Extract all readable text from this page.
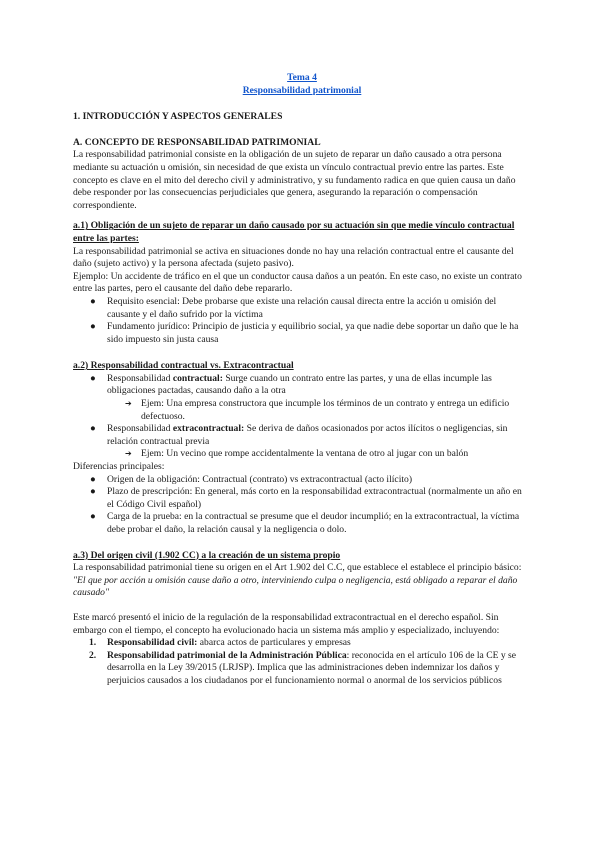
Tema 4
Responsabilidad patrimonial
1. INTRODUCCIÓN Y ASPECTOS GENERALES
A. CONCEPTO DE RESPONSABILIDAD PATRIMONIAL

La responsabilidad patrimonial consiste en la obligación de un sujeto de reparar un daño causado a otra persona mediante su actuación u omisión, sin necesidad de que exista un vínculo contractual previo entre las partes. Este concepto es clave en el mito del derecho civil y administrativo, y su fundamento radica en que quien causa un daño debe responder por las consecuencias perjudiciales que genera, asegurando la reparación o compensación correspondiente.

a.1) Obligación de un sujeto de reparar un daño causado por su actuación sin que medie vínculo contractual entre las partes:

La responsabilidad patrimonial se activa en situaciones donde no hay una relación contractual entre el causante del daño (sujeto activo) y la persona afectada (sujeto pasivo).

Ejemplo: Un accidente de tráfico en el que un conductor causa daños a un peatón. En este caso, no existe un contrato entre las partes, pero el causante del daño debe repararlo.

● Requisito esencial: Debe probarse que existe una relación causal directa entre la acción u omisión del causante y el daño sufrido por la víctima
● Fundamento jurídico: Principio de justicia y equilibrio social, ya que nadie debe soportar un daño que le ha sido impuesto sin justa causa
a.2) Responsabilidad contractual vs. Extracontractual
● Responsabilidad contractual: Surge cuando un contrato entre las partes, y una de ellas incumple las obligaciones pactadas, causando daño a la otra
➔ Ejem: Una empresa constructora que incumple los términos de un contrato y entrega un edificio defectuoso.
● Responsabilidad extracontractual: Se deriva de daños ocasionados por actos ilícitos o negligencias, sin relación contractual previa
➔ Ejem: Un vecino que rompe accidentalmente la ventana de otro al jugar con un balón

Diferencias principales:

● Origen de la obligación: Contractual (contrato) vs extracontractual (acto ilícito)
● Plazo de prescripción: En general, más corto en la responsabilidad extracontractual (normalmente un año en el Código Civil español)
● Carga de la prueba: en la contractual se presume que el deudor incumplió; en la extracontractual, la víctima debe probar el daño, la relación causal y la negligencia o dolo.
a.3) Del origen civil (1.902 CC) a la creación de un sistema propio

La responsabilidad patrimonial tiene su origen en el Art 1.902 del C.C, que establece el establece el principio básico:

"El que por acción u omisión cause daño a otro, interviniendo culpa o negligencia, está obligado a reparar el daño causado"

Este marcó presentó el inicio de la regulación de la responsabilidad extracontractual en el derecho español. Sin embargo con el tiempo, el concepto ha evolucionado hacia un sistema más amplio y especializado, incluyendo:

1. Responsabilidad civil: abarca actos de particulares y empresas
2. Responsabilidad patrimonial de la Administración Pública: reconocida en el artículo 106 de la CE y se desarrolla en la Ley 39/2015 (LRJSP). Implica que las administraciones deben indemnizar los daños y perjuicios causados a los ciudadanos por el funcionamiento normal o anormal de los servicios públicos
